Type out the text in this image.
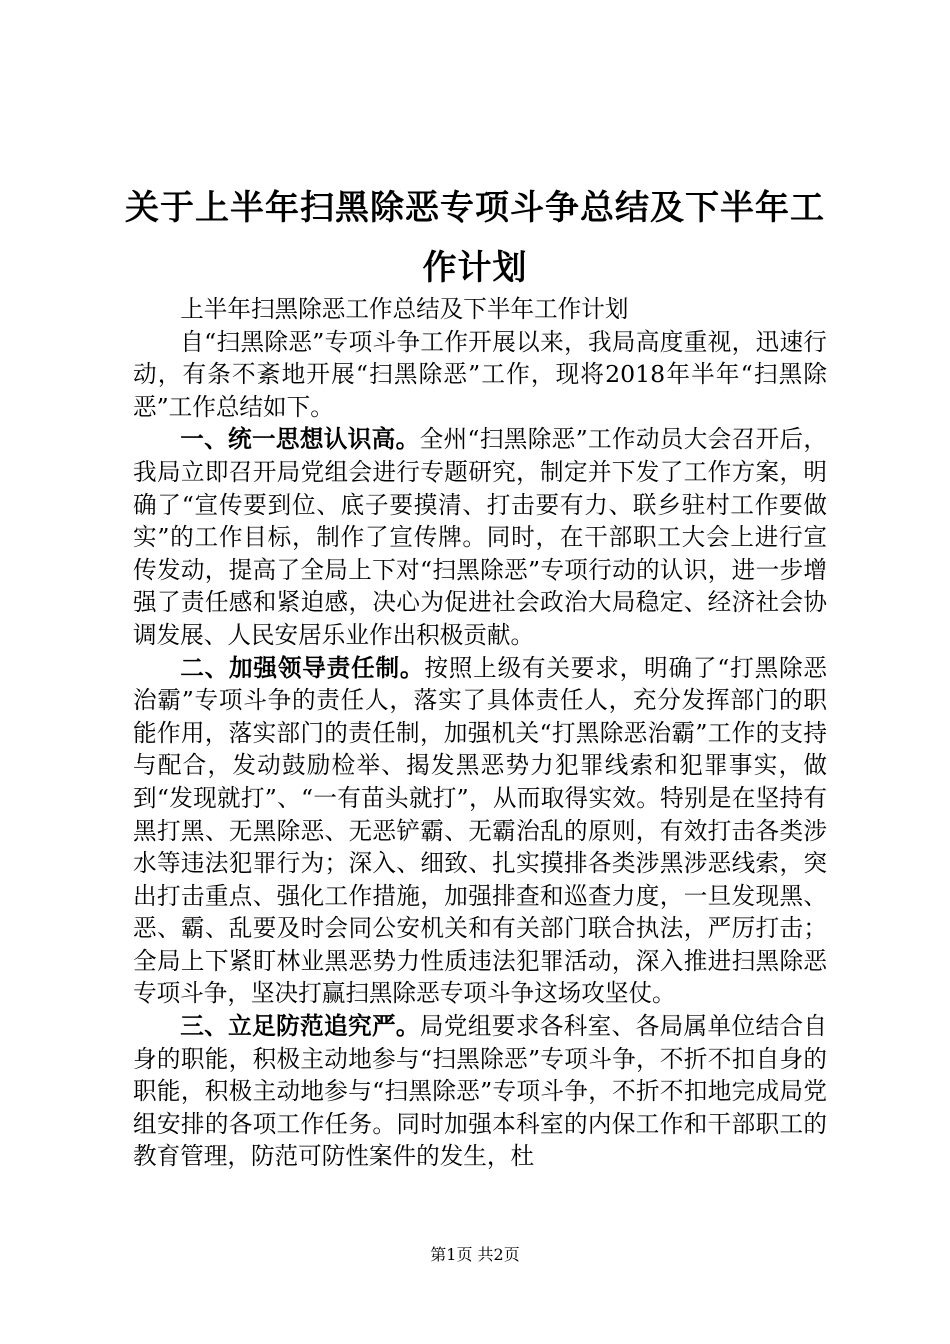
关于上半年扫黑除恶专项斗争总结及下半年工作计划

上半年扫黑除恶工作总结及下半年工作计划

自“扫黑除恶”专项斗争工作开展以来，我局高度重视，迅速行动，有条不紊地开展“扫黑除恶”工作，现将2018年半年“扫黑除恶”工作总结如下。

一、统一思想认识高。全州“扫黑除恶”工作动员大会召开后，我局立即召开局党组会进行专题研究，制定并下发了工作方案，明确了“宣传要到位、底子要摸清、打击要有力、联乡驻村工作要做实”的工作目标，制作了宣传牌。同时，在干部职工大会上进行宣传发动，提高了全局上下对“扫黑除恶”专项行动的认识，进一步增强了责任感和紧迫感，决心为促进社会政治大局稳定、经济社会协调发展、人民安居乐业作出积极贡献。

二、加强领导责任制。按照上级有关要求，明确了“打黑除恶治霸”专项斗争的责任人，落实了具体责任人，充分发挥部门的职能作用，落实部门的责任制，加强机关“打黑除恶治霸”工作的支持与配合，发动鼓励检举、揭发黑恶势力犯罪线索和犯罪事实，做到“发现就打”、“一有苗头就打”，从而取得实效。特别是在坚持有黑打黑、无黑除恶、无恶铲霸、无霸治乱的原则，有效打击各类涉水等违法犯罪行为；深入、细致、扎实摸排各类涉黑涉恶线索，突出打击重点、强化工作措施，加强排查和巡查力度，一旦发现黑、恶、霸、乱要及时会同公安机关和有关部门联合执法，严厉打击；全局上下紧盯林业黑恶势力性质违法犯罪活动，深入推进扫黑除恶专项斗争，坚决打赢扫黑除恶专项斗争这场攻坚仗。

三、立足防范追究严。局党组要求各科室、各局属单位结合自身的职能，积极主动地参与“扫黑除恶”专项斗争，不折不扣自身的职能，积极主动地参与“扫黑除恶”专项斗争，不折不扣地完成局党组安排的各项工作任务。同时加强本科室的内保工作和干部职工的教育管理，防范可防性案件的发生，杜

第1页 共2页
